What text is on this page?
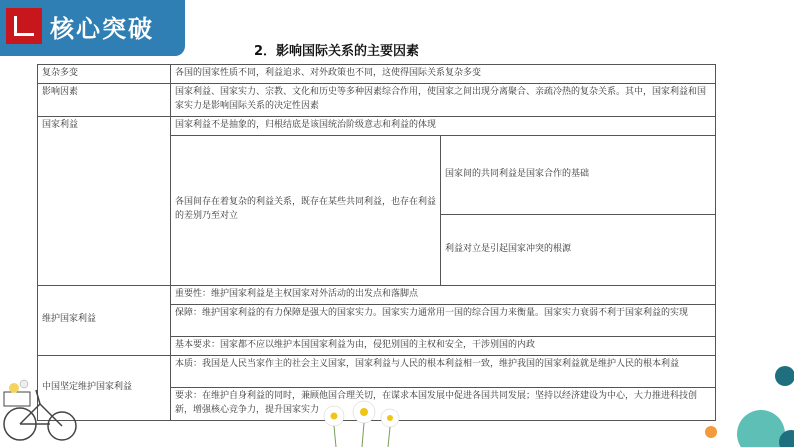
核心突破
2．影响国际关系的主要因素
复杂多变	各国的国家性质不同，利益追求、对外政策也不同，这使得国际关系复杂多变	
影响因素	国家利益、国家实力、宗教、文化和历史等多种因素综合作用，使国家之间出现分离聚合、亲疏冷热的复杂关系。其中，国家利益和国家实力是影响国际关系的决定性因素	
国家利益	国家利益不是抽象的，归根结底是该国统治阶级意志和利益的体现	
	各国间存在着复杂的利益关系，既存在某些共同利益，也存在利益的差别乃至对立	国家间的共同利益是国家合作的基础
		利益对立是引起国家冲突的根源
维护国家利益	重要性：维护国家利益是主权国家对外活动的出发点和落脚点	
	保障：维护国家利益的有力保障是强大的国家实力。国家实力通常用一国的综合国力来衡量。国家实力衰弱不利于国家利益的实现	
	基本要求：国家都不应以维护本国国家利益为由，侵犯别国的主权和安全，干涉别国的内政	
中国坚定维护国家利益	本质：我国是人民当家作主的社会主义国家，国家利益与人民的根本利益相一致，维护我国的国家利益就是维护人民的根本利益	
	要求：在维护自身利益的同时，兼顾他国合理关切，在谋求本国发展中促进各国共同发展；坚持以经济建设为中心，大力推进科技创新，增强核心竞争力，提升国家实力	
